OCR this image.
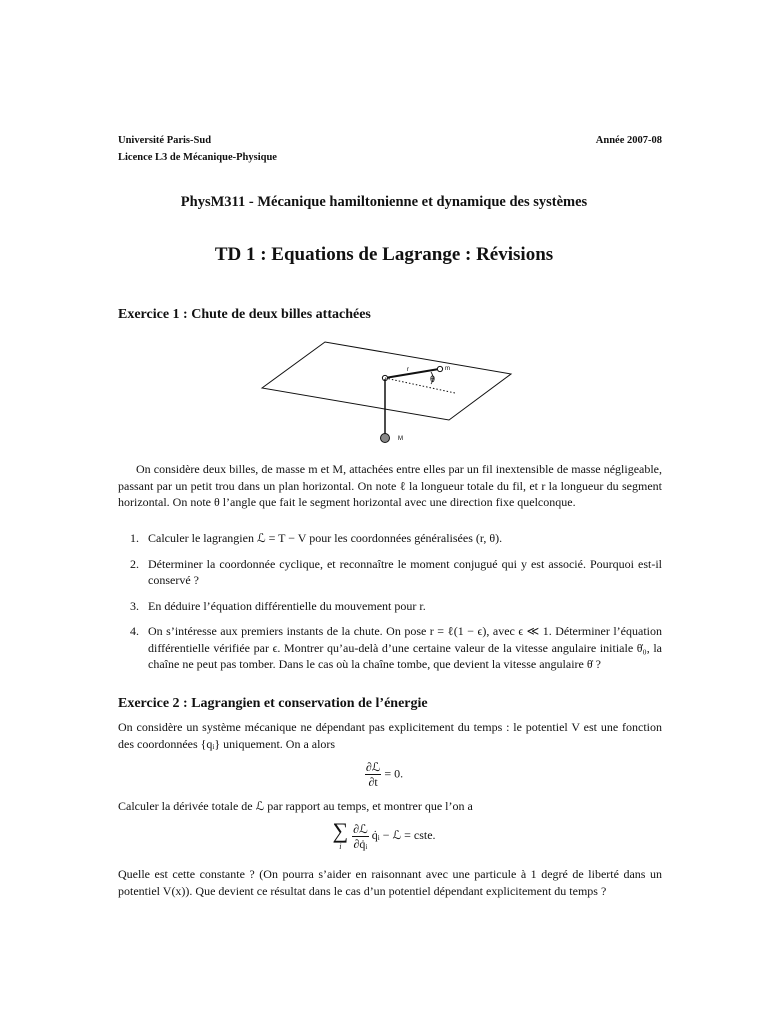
Université Paris-Sud	Année 2007-08
Licence L3 de Mécanique-Physique
PhysM311 - Mécanique hamiltonienne et dynamique des systèmes
TD 1 : Equations de Lagrange : Révisions
Exercice 1 : Chute de deux billes attachées
r	m
θ
M
On considère deux billes, de masse m et M, attachées entre elles par un fil inextensible de masse négligeable, passant par un petit trou dans un plan horizontal. On note ℓ la longueur totale du fil, et r la longueur du segment horizontal. On note θ l’angle que fait le segment horizontal avec une direction fixe quelconque.
1. Calculer le lagrangien ℒ = T − V pour les coordonnées généralisées (r, θ).
2. Déterminer la coordonnée cyclique, et reconnaître le moment conjugué qui y est associé. Pourquoi est-il conservé ?
3. En déduire l’équation différentielle du mouvement pour r.
4. On s’intéresse aux premiers instants de la chute. On pose r = ℓ(1 − ϵ), avec ϵ ≪ 1. Déterminer l’équation différentielle vérifiée par ϵ. Montrer qu’au-delà d’une certaine valeur de la vitesse angulaire initiale θ̇₀, la chaîne ne peut pas tomber. Dans le cas où la chaîne tombe, que devient la vitesse angulaire θ̇ ?
Exercice 2 : Lagrangien et conservation de l’énergie
On considère un système mécanique ne dépendant pas explicitement du temps : le potentiel V est une fonction des coordonnées {qᵢ} uniquement. On a alors
$\frac{\text{∂ℒ}}{\partial t} = 0$.
Calculer la dérivée totale de ℒ par rapport au temps, et montrer que l’on a
∑
i $\frac{\text{∂ℒ}}{\text{∂q̇ᵢ}}$ q̇ᵢ − ℒ = cste.
Quelle est cette constante ? (On pourra s’aider en raisonnant avec une particule à 1 degré de liberté dans un potentiel V(x)). Que devient ce résultat dans le cas d’un potentiel dépendant explicitement du temps ?
